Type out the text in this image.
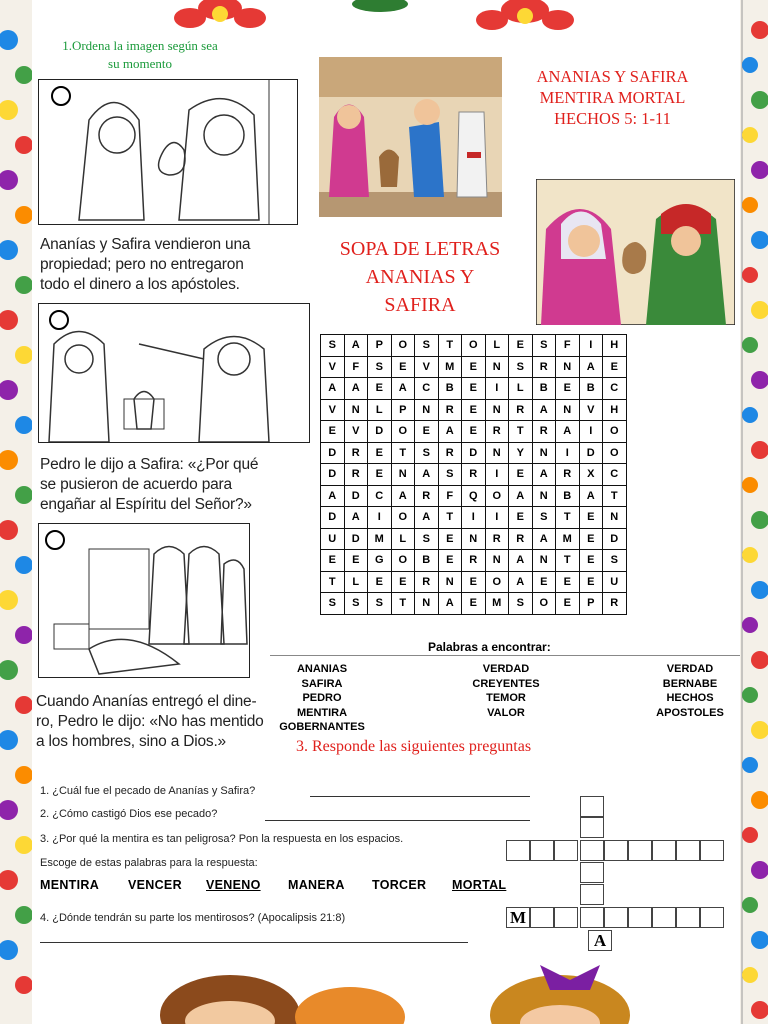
1.Ordena la imagen según sea
su momento
ANANIAS Y SAFIRA
MENTIRA MORTAL
HECHOS 5: 1-11
Ananías y Safira vendieron una
propiedad; pero no entregaron
todo el dinero a los apóstoles.
SOPA DE LETRAS
ANANIAS Y
SAFIRA
S	A	P	O	S	T	O	L	E	S	F	I	H
V	F	S	E	V	M	E	N	S	R	N	A	E
A	A	E	A	C	B	E	I	L	B	E	B	C
V	N	L	P	N	R	E	N	R	A	N	V	H
E	V	D	O	E	A	E	R	T	R	A	I	O
D	R	E	T	S	R	D	N	Y	N	I	D	O
D	R	E	N	A	S	R	I	E	A	R	X	C
A	D	C	A	R	F	Q	O	A	N	B	A	T
D	A	I	O	A	T	I	I	E	S	T	E	N
U	D	M	L	S	E	N	R	R	A	M	E	D
E	E	G	O	B	E	R	N	A	N	T	E	S
T	L	E	E	R	N	E	O	A	E	E	E	U
S	S	S	T	N	A	E	M	S	O	E	P	R
Pedro le dijo a Safira: «¿Por qué
se pusieron de acuerdo para
engañar al Espíritu del Señor?»
Palabras a encontrar:
ANANIAS
SAFIRA
PEDRO
MENTIRA
GOBERNANTES
VERDAD
CREYENTES
TEMOR
VALOR
VERDAD
BERNABE
HECHOS
APOSTOLES
Cuando Ananías entregó el dine-
ro, Pedro le dijo: «No has mentido
a los hombres, sino a Dios.»	3. Responde las siguientes preguntas
1. ¿Cuál fue el pecado de Ananías y Safira?
2. ¿Cómo castigó Dios ese pecado?
3. ¿Por qué la mentira es tan peligrosa? Pon la respuesta en los espacios.
Escoge de estas palabras para la respuesta:
MENTIRA VENCER VENENO MANERA TORCER MORTAL
4. ¿Dónde tendrán su parte los mentirosos? (Apocalipsis 21:8)	M
A
